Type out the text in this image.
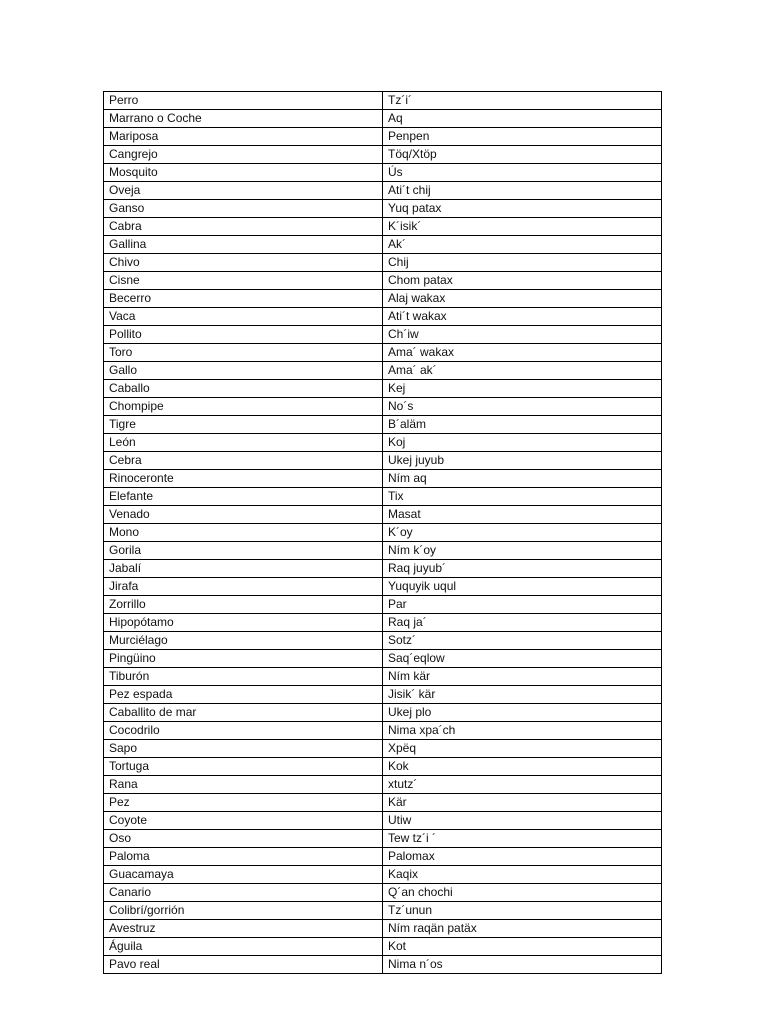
Perro	Tz´i´
Marrano o Coche	Aq
Mariposa	Penpen
Cangrejo	Töq/Xtöp
Mosquito	Ús
Oveja	Ati´t chij
Ganso	Yuq patax
Cabra	K´isik´
Gallina	Ak´
Chivo	Chij
Cisne	Chom patax
Becerro	Alaj wakax
Vaca	Ati´t wakax
Pollito	Ch´iw
Toro	Ama´ wakax
Gallo	Ama´ ak´
Caballo	Kej
Chompipe	No´s
Tigre	B´aläm
León	Koj
Cebra	Ukej juyub
Rinoceronte	Ním aq
Elefante	Tix
Venado	Masat
Mono	K´oy
Gorila	Ním k´oy
Jabalí	Raq juyub´
Jirafa	Yuquyik uqul
Zorrillo	Par
Hipopótamo	Raq ja´
Murciélago	Sotz´
Pingüino	Saq´eqlow
Tiburón	Ním kär
Pez espada	Jisik´ kär
Caballito de mar	Ukej plo
Cocodrilo	Nima xpa´ch
Sapo	Xpëq
Tortuga	Kok
Rana	xtutz´
Pez	Kär
Coyote	Utiw
Oso	Tew tz´i ´
Paloma	Palomax
Guacamaya	Kaqix
Canario	Q´an chochi
Colibrí/gorrión	Tz´unun
Avestruz	Ním raqän patäx
Águila	Kot
Pavo real	Nima n´os
